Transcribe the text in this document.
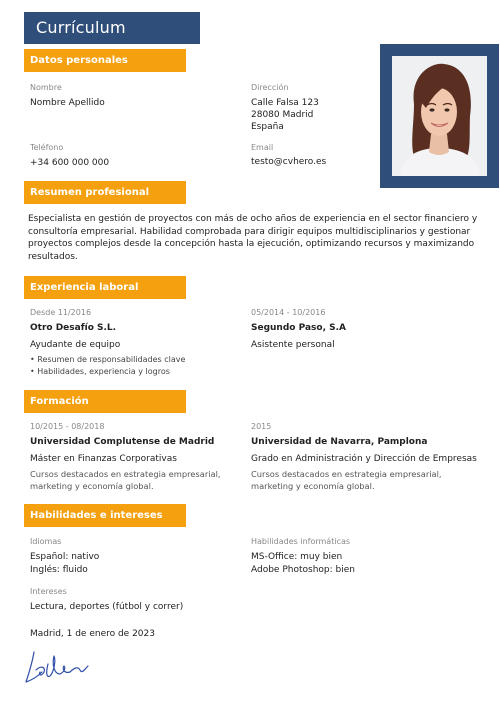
Currículum
Datos personales
Nombre
Nombre Apellido
Dirección
Calle Falsa 123
28080 Madrid
España
Teléfono
+34 600 000 000
Email
testo@cvhero.es
Resumen profesional
Especialista en gestión de proyectos con más de ocho años de experiencia en el sector financiero y consultoría empresarial. Habilidad comprobada para dirigir equipos multidisciplinarios y gestionar proyectos complejos desde la concepción hasta la ejecución, optimizando recursos y maximizando resultados.
Experiencia laboral
Desde 11/2016
Otro Desafío S.L.
Ayudante de equipo
• Resumen de responsabilidades clave
• Habilidades, experiencia y logros
05/2014 - 10/2016
Segundo Paso, S.A
Asistente personal
Formación
10/2015 - 08/2018
Universidad Complutense de Madrid
Máster en Finanzas Corporativas
Cursos destacados en estrategia empresarial,
marketing y economía global.
2015
Universidad de Navarra, Pamplona
Grado en Administración y Dirección de Empresas
Cursos destacados en estrategia empresarial,
marketing y economía global.
Habilidades e intereses
Idiomas
Español: nativo
Inglés: fluido
Habilidades informáticas
MS-Office: muy bien
Adobe Photoshop: bien
Intereses
Lectura, deportes (fútbol y correr)
Madrid, 1 de enero de 2023
